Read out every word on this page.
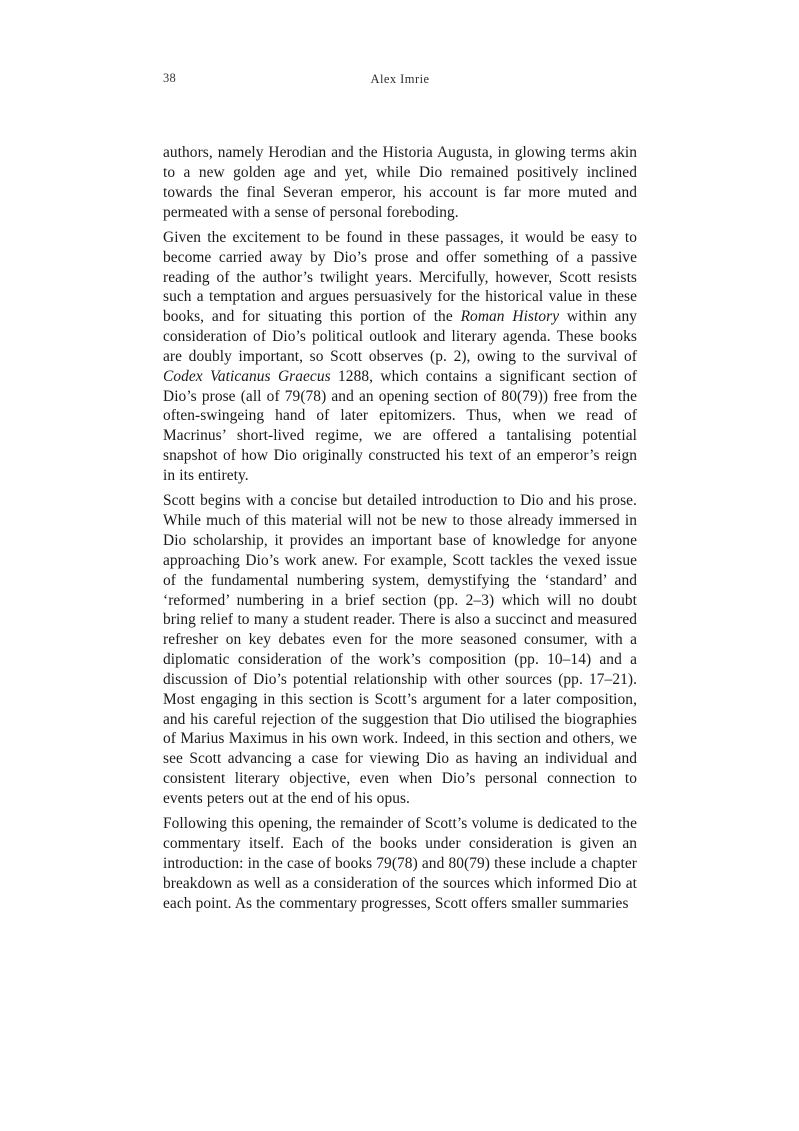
38	Alex Imrie

authors, namely Herodian and the Historia Augusta, in glowing terms akin to a new golden age and yet, while Dio remained positively inclined towards the final Severan emperor, his account is far more muted and permeated with a sense of personal foreboding.

Given the excitement to be found in these passages, it would be easy to become carried away by Dio’s prose and offer something of a passive reading of the author’s twilight years. Mercifully, however, Scott resists such a temptation and argues persuasively for the historical value in these books, and for situating this portion of the Roman History within any consideration of Dio’s political outlook and literary agenda. These books are doubly important, so Scott observes (p. 2), owing to the survival of Codex Vaticanus Graecus 1288, which contains a significant section of Dio’s prose (all of 79(78) and an opening section of 80(79)) free from the often-swingeing hand of later epitomizers. Thus, when we read of Macrinus’ short-lived regime, we are offered a tantalising potential snapshot of how Dio originally constructed his text of an emperor’s reign in its entirety.

Scott begins with a concise but detailed introduction to Dio and his prose. While much of this material will not be new to those already immersed in Dio scholarship, it provides an important base of knowledge for anyone approaching Dio’s work anew. For example, Scott tackles the vexed issue of the fundamental numbering system, demystifying the ‘standard’ and ‘reformed’ numbering in a brief section (pp. 2–3) which will no doubt bring relief to many a student reader. There is also a succinct and measured refresher on key debates even for the more seasoned consumer, with a diplomatic consideration of the work’s composition (pp. 10–14) and a discussion of Dio’s potential relationship with other sources (pp. 17–21). Most engaging in this section is Scott’s argument for a later composition, and his careful rejection of the suggestion that Dio utilised the biographies of Marius Maximus in his own work. Indeed, in this section and others, we see Scott advancing a case for viewing Dio as having an individual and consistent literary objective, even when Dio’s personal connection to events peters out at the end of his opus.

Following this opening, the remainder of Scott’s volume is dedicated to the commentary itself. Each of the books under consideration is given an introduction: in the case of books 79(78) and 80(79) these include a chapter breakdown as well as a consideration of the sources which informed Dio at each point. As the commentary progresses, Scott offers smaller summaries
